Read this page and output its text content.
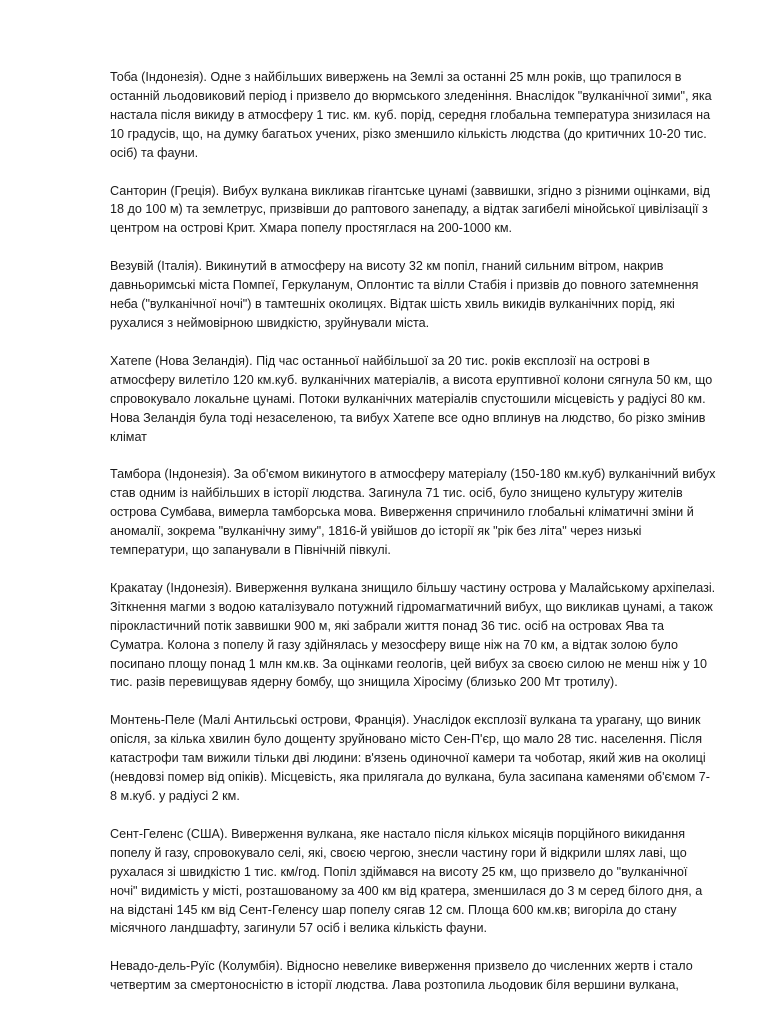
Тоба (Індонезія). Одне з найбільших вивержень на Землі за останні 25 млн років, що трапилося в останній льодовиковий період і призвело до вюрмського зледеніння. Внаслідок "вулканічної зими", яка настала після викиду в атмосферу 1 тис. км. куб. порід, середня глобальна температура знизилася на 10 градусів, що, на думку багатьох учених, різко зменшило кількість людства (до критичних 10-20 тис. осіб) та фауни.

Санторин (Греція). Вибух вулкана викликав гігантське цунамі (заввишки, згідно з різними оцінками, від 18 до 100 м) та землетрус, призвівши до раптового занепаду, а відтак загибелі мінойської цивілізації з центром на острові Крит. Хмара попелу простяглася на 200-1000 км.

Везувій (Італія). Викинутий в атмосферу на висоту 32 км попіл, гнаний сильним вітром, накрив давньоримські міста Помпеї, Геркуланум, Оплонтис та вілли Стабія і призвів до повного затемнення неба ("вулканічної ночі") в тамтешніх околицях. Відтак шість хвиль викидів вулканічних порід, які рухалися з неймовірною швидкістю, зруйнували міста.

Хатепе (Нова Зеландія). Під час останньої найбільшої за 20 тис. років експлозії на острові в атмосферу вилетіло 120 км.куб. вулканічних матеріалів, а висота еруптивної колони сягнула 50 км, що спровокувало локальне цунамі. Потоки вулканічних матеріалів спустошили місцевість у радіусі 80 км. Нова Зеландія була тоді незаселеною, та вибух Хатепе все одно вплинув на людство, бо різко змінив клімат

Тамбора (Індонезія). За об'ємом викинутого в атмосферу матеріалу (150-180 км.куб) вулканічний вибух став одним із найбільших в історії людства. Загинула 71 тис. осіб, було знищено культуру жителів острова Сумбава, вимерла тамборська мова. Виверження спричинило глобальні кліматичні зміни й аномалії, зокрема "вулканічну зиму", 1816-й увійшов до історії як "рік без літа" через низькі температури, що запанували в Північній півкулі.

Кракатау (Індонезія). Виверження вулкана знищило більшу частину острова у Малайському архіпелазі. Зіткнення магми з водою каталізувало потужний гідромагматичний вибух, що викликав цунамі, а також пірокластичний потік заввишки 900 м, які забрали життя понад 36 тис. осіб на островах Ява та Суматра. Колона з попелу й газу здійнялась у мезосферу вище ніж на 70 км, а відтак золою було посипано площу понад 1 млн км.кв. За оцінками геологів, цей вибух за своєю силою не менш ніж у 10 тис. разів перевищував ядерну бомбу, що знищила Хіросіму (близько 200 Мт тротилу).

Монтень-Пеле (Малі Антильські острови, Франція). Унаслідок експлозії вулкана та урагану, що виник опісля, за кілька хвилин було дощенту зруйновано місто Сен-П'єр, що мало 28 тис. населення. Після катастрофи там вижили тільки дві людини: в'язень одиночної камери та чоботар, який жив на околиці (невдовзі помер від опіків). Місцевість, яка прилягала до вулкана, була засипана каменями об'ємом 7-8 м.куб. у радіусі 2 км.

Сент-Геленс (США). Виверження вулкана, яке настало після кількох місяців порційного викидання попелу й газу, спровокувало селі, які, своєю чергою, знесли частину гори й відкрили шлях лаві, що рухалася зі швидкістю 1 тис. км/год. Попіл здіймався на висоту 25 км, що призвело до "вулканічної ночі" видимість у місті, розташованому за 400 км від кратера, зменшилася до 3 м серед білого дня, а на відстані 145 км від Сент-Геленсу шар попелу сягав 12 см. Площа 600 км.кв; вигоріла до стану місячного ландшафту, загинули 57 осіб і велика кількість фауни.

Невадо-дель-Руїс (Колумбія). Відносно невелике виверження призвело до численних жертв і стало четвертим за смертоносністю в історії людства. Лава розтопила льодовик біля вершини вулкана,
